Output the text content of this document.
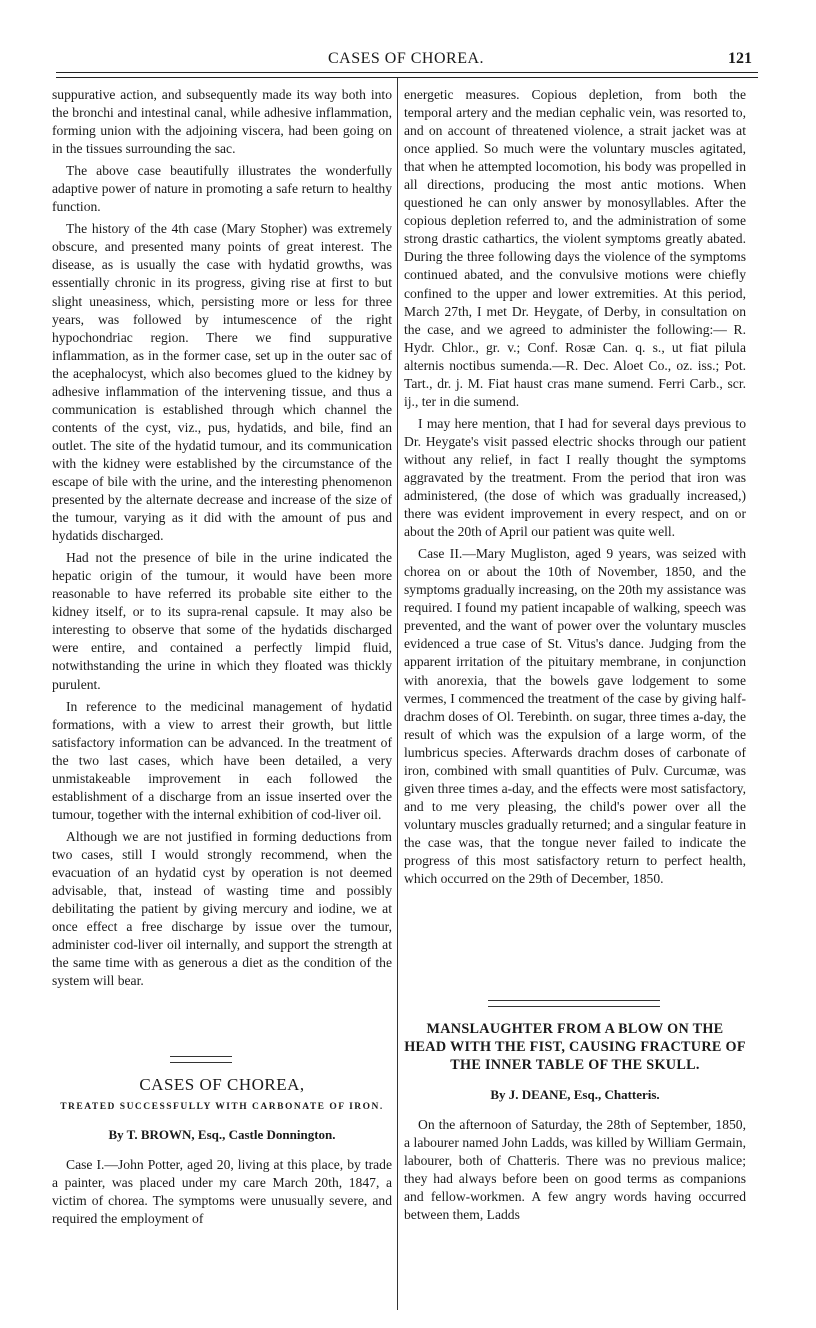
CASES OF CHOREA.	121

suppurative action, and subsequently made its way both into the bronchi and intestinal canal, while adhesive inflammation, forming union with the adjoining viscera, had been going on in the tissues surrounding the sac.

The above case beautifully illustrates the wonderfully adaptive power of nature in promoting a safe return to healthy function.

The history of the 4th case (Mary Stopher) was extremely obscure, and presented many points of great interest. The disease, as is usually the case with hydatid growths, was essentially chronic in its progress, giving rise at first to but slight uneasiness, which, persisting more or less for three years, was followed by intumescence of the right hypochondriac region. There we find suppurative inflammation, as in the former case, set up in the outer sac of the acephalocyst, which also becomes glued to the kidney by adhesive inflammation of the intervening tissue, and thus a communication is established through which channel the contents of the cyst, viz., pus, hydatids, and bile, find an outlet. The site of the hydatid tumour, and its communication with the kidney were established by the circumstance of the escape of bile with the urine, and the interesting phenomenon presented by the alternate decrease and increase of the size of the tumour, varying as it did with the amount of pus and hydatids discharged.

Had not the presence of bile in the urine indicated the hepatic origin of the tumour, it would have been more reasonable to have referred its probable site either to the kidney itself, or to its supra-renal capsule. It may also be interesting to observe that some of the hydatids discharged were entire, and contained a perfectly limpid fluid, notwithstanding the urine in which they floated was thickly purulent.

In reference to the medicinal management of hydatid formations, with a view to arrest their growth, but little satisfactory information can be advanced. In the treatment of the two last cases, which have been detailed, a very unmistakeable improvement in each followed the establishment of a discharge from an issue inserted over the tumour, together with the internal exhibition of cod-liver oil.

Although we are not justified in forming deductions from two cases, still I would strongly recommend, when the evacuation of an hydatid cyst by operation is not deemed advisable, that, instead of wasting time and possibly debilitating the patient by giving mercury and iodine, we at once effect a free discharge by issue over the tumour, administer cod-liver oil internally, and support the strength at the same time with as generous a diet as the condition of the system will bear.

CASES OF CHOREA,
TREATED SUCCESSFULLY WITH CARBONATE OF IRON.
By T. BROWN, Esq., Castle Donnington.

Case I.—John Potter, aged 20, living at this place, by trade a painter, was placed under my care March 20th, 1847, a victim of chorea. The symptoms were unusually severe, and required the employment of

energetic measures. Copious depletion, from both the temporal artery and the median cephalic vein, was resorted to, and on account of threatened violence, a strait jacket was at once applied. So much were the voluntary muscles agitated, that when he attempted locomotion, his body was propelled in all directions, producing the most antic motions. When questioned he can only answer by monosyllables. After the copious depletion referred to, and the administration of some strong drastic cathartics, the violent symptoms greatly abated. During the three following days the violence of the symptoms continued abated, and the convulsive motions were chiefly confined to the upper and lower extremities. At this period, March 27th, I met Dr. Heygate, of Derby, in consultation on the case, and we agreed to administer the following:— R. Hydr. Chlor., gr. v.; Conf. Rosæ Can. q. s., ut fiat pilula alternis noctibus sumenda.—R. Dec. Aloet Co., oz. iss.; Pot. Tart., dr. j. M. Fiat haust cras mane sumend. Ferri Carb., scr. ij., ter in die sumend.

I may here mention, that I had for several days previous to Dr. Heygate's visit passed electric shocks through our patient without any relief, in fact I really thought the symptoms aggravated by the treatment. From the period that iron was administered, (the dose of which was gradually increased,) there was evident improvement in every respect, and on or about the 20th of April our patient was quite well.

Case II.—Mary Mugliston, aged 9 years, was seized with chorea on or about the 10th of November, 1850, and the symptoms gradually increasing, on the 20th my assistance was required. I found my patient incapable of walking, speech was prevented, and the want of power over the voluntary muscles evidenced a true case of St. Vitus's dance. Judging from the apparent irritation of the pituitary membrane, in conjunction with anorexia, that the bowels gave lodgement to some vermes, I commenced the treatment of the case by giving half-drachm doses of Ol. Terebinth. on sugar, three times a-day, the result of which was the expulsion of a large worm, of the lumbricus species. Afterwards drachm doses of carbonate of iron, combined with small quantities of Pulv. Curcumæ, was given three times a-day, and the effects were most satisfactory, and to me very pleasing, the child's power over all the voluntary muscles gradually returned; and a singular feature in the case was, that the tongue never failed to indicate the progress of this most satisfactory return to perfect health, which occurred on the 29th of December, 1850.

MANSLAUGHTER FROM A BLOW ON THE HEAD WITH THE FIST, CAUSING FRACTURE OF THE INNER TABLE OF THE SKULL.
By J. DEANE, Esq., Chatteris.

On the afternoon of Saturday, the 28th of September, 1850, a labourer named John Ladds, was killed by William Germain, labourer, both of Chatteris. There was no previous malice; they had always before been on good terms as companions and fellow-workmen. A few angry words having occurred between them, Ladds
